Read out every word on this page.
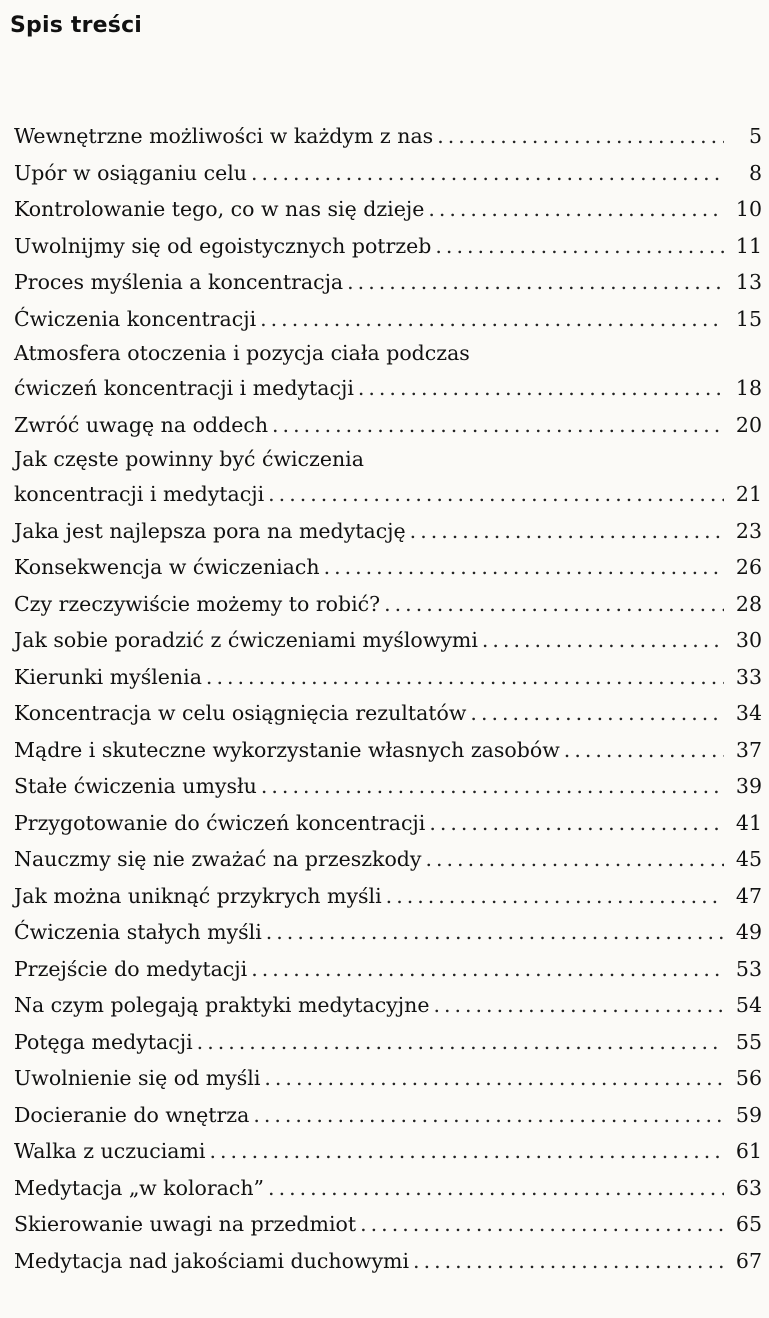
Spis treści
Wewnętrzne możliwości w każdym z nas .....	5
Upór w osiąganiu celu .....	8
Kontrolowanie tego, co w nas się dzieje .....	10
Uwolnijmy się od egoistycznych potrzeb .....	11
Proces myślenia a koncentracja .....	13
Ćwiczenia koncentracji .....	15
Atmosfera otoczenia i pozycja ciała podczas
ćwiczeń koncentracji i medytacji .....	18
Zwróć uwagę na oddech .....	20
Jak częste powinny być ćwiczenia
koncentracji i medytacji .....	21
Jaka jest najlepsza pora na medytację .....	23
Konsekwencja w ćwiczeniach .....	26
Czy rzeczywiście możemy to robić? .....	28
Jak sobie poradzić z ćwiczeniami myślowymi .....	30
Kierunki myślenia .....	33
Koncentracja w celu osiągnięcia rezultatów .....	34
Mądre i skuteczne wykorzystanie własnych zasobów .....	37
Stałe ćwiczenia umysłu .....	39
Przygotowanie do ćwiczeń koncentracji .....	41
Nauczmy się nie zważać na przeszkody .....	45
Jak można uniknąć przykrych myśli .....	47
Ćwiczenia stałych myśli .....	49
Przejście do medytacji .....	53
Na czym polegają praktyki medytacyjne .....	54
Potęga medytacji .....	55
Uwolnienie się od myśli .....	56
Docieranie do wnętrza .....	59
Walka z uczuciami .....	61
Medytacja „w kolorach” .....	63
Skierowanie uwagi na przedmiot .....	65
Medytacja nad jakościami duchowymi .....	67
